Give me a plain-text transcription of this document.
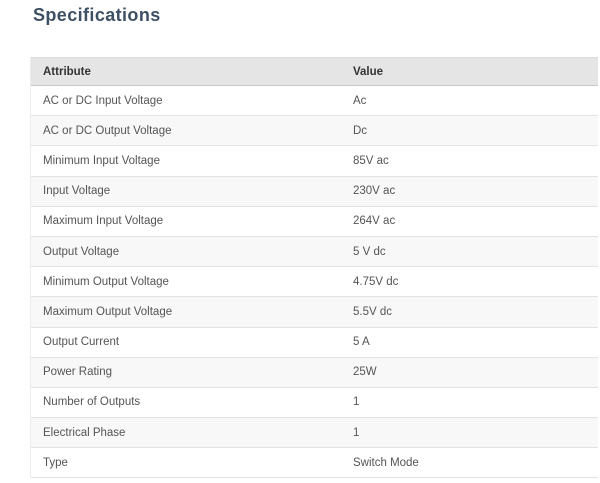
Specifications
Attribute	Value
AC or DC Input Voltage	Ac
AC or DC Output Voltage	Dc
Minimum Input Voltage	85V ac
Input Voltage	230V ac
Maximum Input Voltage	264V ac
Output Voltage	5 V dc
Minimum Output Voltage	4.75V dc
Maximum Output Voltage	5.5V dc
Output Current	5 A
Power Rating	25W
Number of Outputs	1
Electrical Phase	1
Type	Switch Mode
